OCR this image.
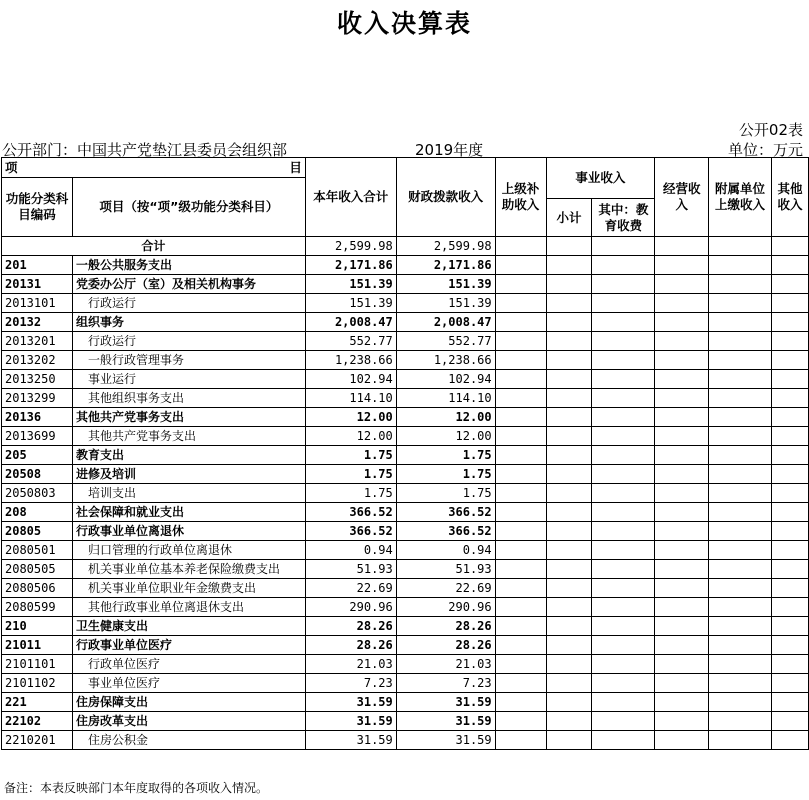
收入决算表
公开02表
公开部门：中国共产党垫江县委员会组织部	2019年度	单位：万元
项 目		本年收入合计	财政拨款收入	上级补助收入	事业收入		经营收入	附属单位上缴收入	其他收入
功能分类科目编码	项目（按“项”级功能分类科目）								
					小计	其中：教育收费			
合计		2,599.98	2,599.98						
201	一般公共服务支出	2,171.86	2,171.86						
20131	党委办公厅（室）及相关机构事务	151.39	151.39						
2013101	行政运行	151.39	151.39						
20132	组织事务	2,008.47	2,008.47						
2013201	行政运行	552.77	552.77						
2013202	一般行政管理事务	1,238.66	1,238.66						
2013250	事业运行	102.94	102.94						
2013299	其他组织事务支出	114.10	114.10						
20136	其他共产党事务支出	12.00	12.00						
2013699	其他共产党事务支出	12.00	12.00						
205	教育支出	1.75	1.75						
20508	进修及培训	1.75	1.75						
2050803	培训支出	1.75	1.75						
208	社会保障和就业支出	366.52	366.52						
20805	行政事业单位离退休	366.52	366.52						
2080501	归口管理的行政单位离退休	0.94	0.94						
2080505	机关事业单位基本养老保险缴费支出	51.93	51.93						
2080506	机关事业单位职业年金缴费支出	22.69	22.69						
2080599	其他行政事业单位离退休支出	290.96	290.96						
210	卫生健康支出	28.26	28.26						
21011	行政事业单位医疗	28.26	28.26						
2101101	行政单位医疗	21.03	21.03						
2101102	事业单位医疗	7.23	7.23						
221	住房保障支出	31.59	31.59						
22102	住房改革支出	31.59	31.59						
2210201	住房公积金	31.59	31.59						
备注：本表反映部门本年度取得的各项收入情况。
